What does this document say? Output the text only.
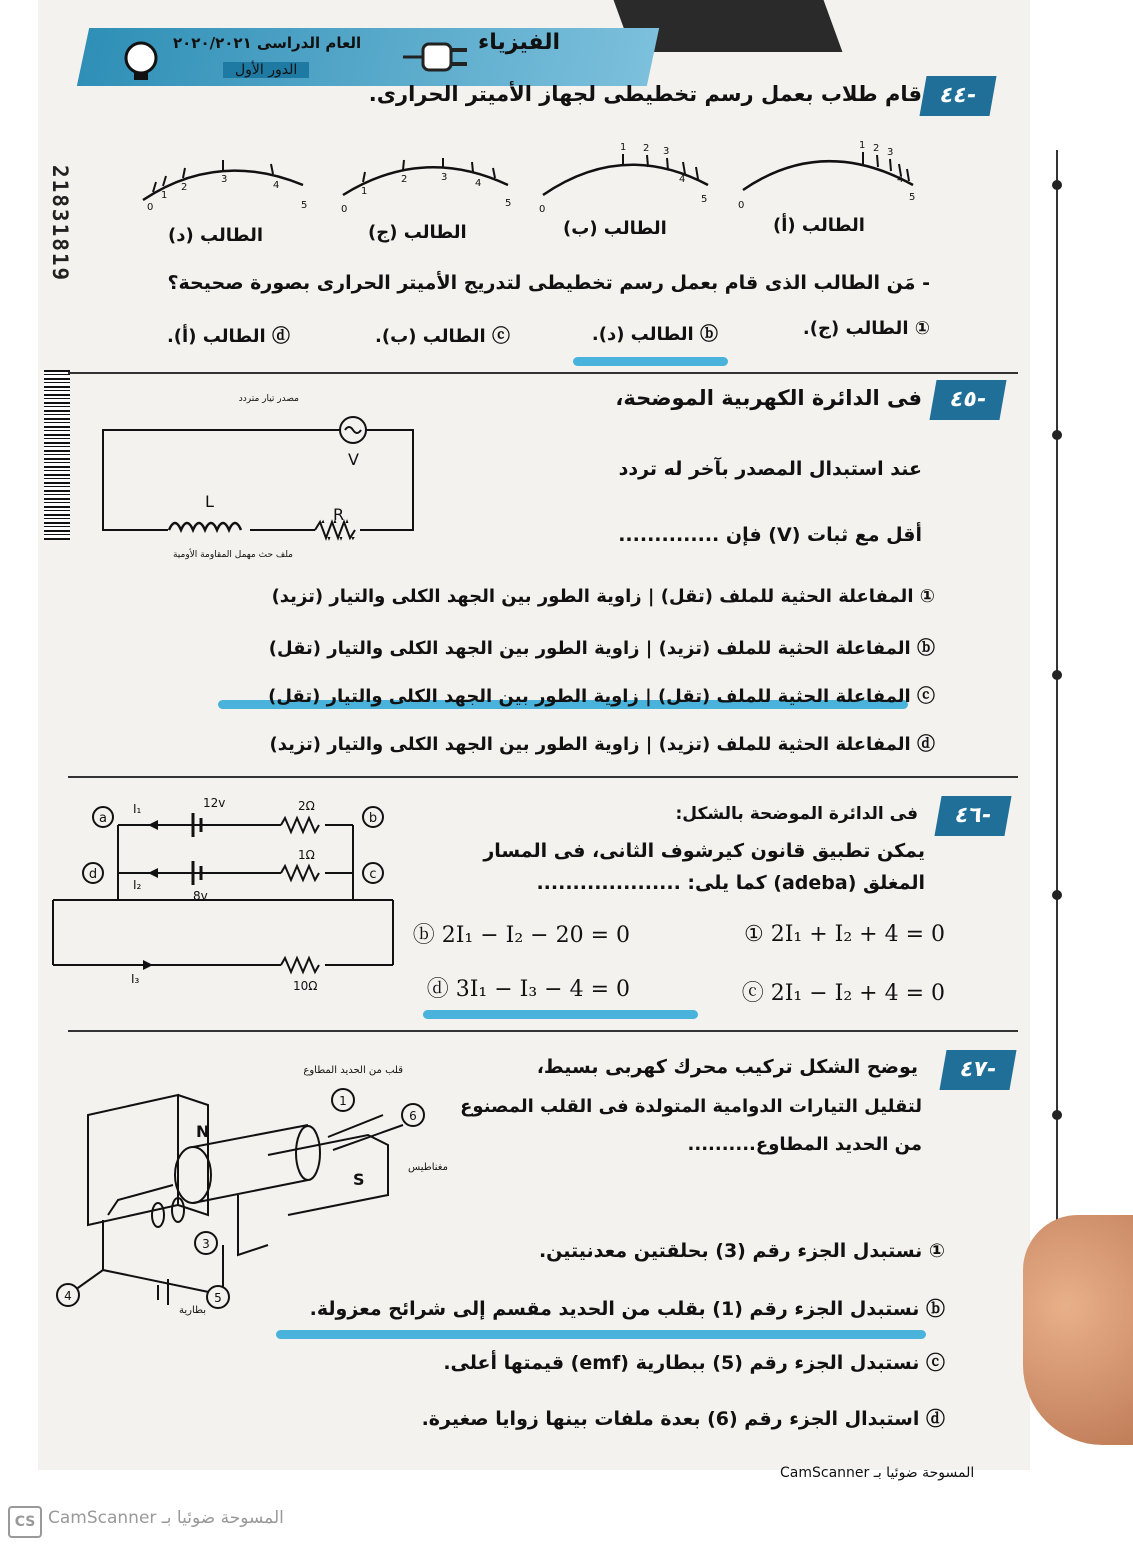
الفيزياء
العام الدراسى ٢٠٢٠/٢٠٢١
الدور الأول
21831819
٤٤-
قام طلاب بعمل رسم تخطيطى لجهاز الأميتر الحرارى.
0
1
2
3
4
5	0
1
2	3
4
5
0
1 2 3
4
5
0
1 2 3
4
5
الطالب (أ)
الطالب (ب)
الطالب (ج)
الطالب (د)
- مَن الطالب الذى قام بعمل رسم تخطيطى لتدريج الأميتر الحرارى بصورة صحيحة؟
① الطالب (ج).
ⓑ الطالب (د).
ⓒ الطالب (ب).
ⓓ الطالب (أ).
٤٥-
فى الدائرة الكهربية الموضحة،
عند استبدال المصدر بآخر له تردد
أقل مع ثبات (V) فإن ..............
مصدر تيار متردد
V
L
R
ملف حث مهمل المقاومة الأومية
① المفاعلة الحثية للملف (تقل) | زاوية الطور بين الجهد الكلى والتيار (تزيد)
ⓑ المفاعلة الحثية للملف (تزيد) | زاوية الطور بين الجهد الكلى والتيار (تقل)
ⓒ المفاعلة الحثية للملف (تقل) | زاوية الطور بين الجهد الكلى والتيار (تقل)
ⓓ المفاعلة الحثية للملف (تزيد) | زاوية الطور بين الجهد الكلى والتيار (تزيد)
٤٦-
فى الدائرة الموضحة بالشكل:
يمكن تطبيق قانون كيرشوف الثانى، فى المسار
المغلق (adeba) كما يلى: ....................
a	b
c
d
12v
8v
2Ω
1Ω
10Ω
I₁
I₂
I₃
① 2I₁ + I₂ + 4 = 0
ⓑ 2I₁ − I₂ − 20 = 0
ⓒ 2I₁ − I₂ + 4 = 0
ⓓ 3I₁ − I₃ − 4 = 0
٤٧-
يوضح الشكل تركيب محرك كهربى بسيط،
لتقليل التيارات الدوامية المتولدة فى القلب المصنوع
من الحديد المطاوع..........
1
3
4	5
6
N
S
قلب من الحديد المطاوع
مغناطيس
بطارية
① نستبدل الجزء رقم (3) بحلقتين معدنيتين.
ⓑ نستبدل الجزء رقم (1) بقلب من الحديد مقسم إلى شرائح معزولة.
ⓒ نستبدل الجزء رقم (5) ببطارية (emf) قيمتها أعلى.
ⓓ استبدال الجزء رقم (6) بعدة ملفات بينها زوايا صغيرة.
المسوحة ضوئيا بـ CamScanner
CS المسوحة ضوئيا بـ CamScanner
